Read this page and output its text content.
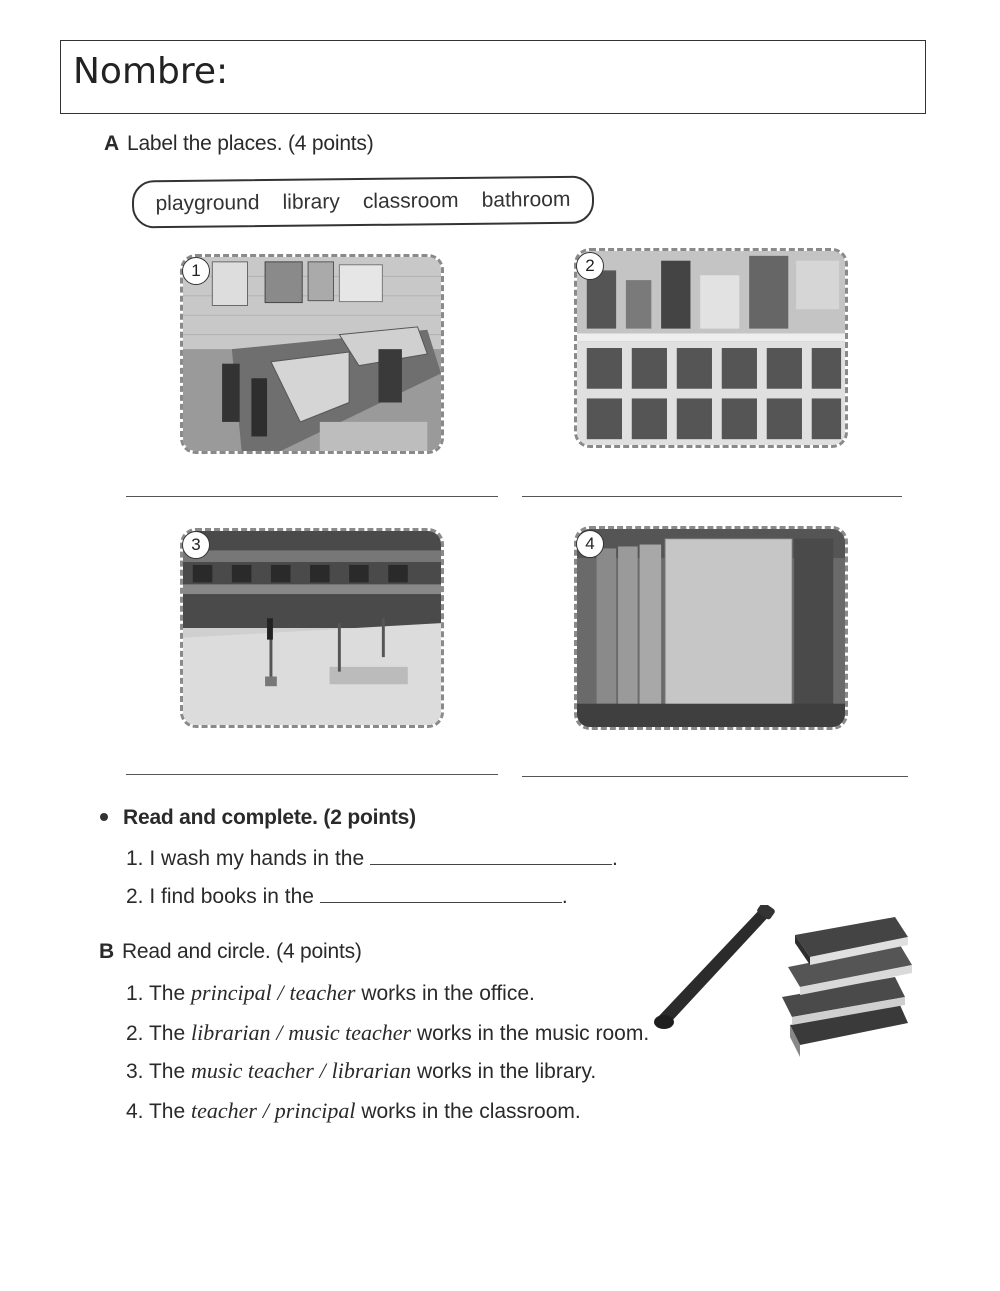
Nombre:
A Label the places. (4 points)
playground library classroom bathroom
1	2
3	4
Read and complete. (2 points)
1. I wash my hands in the	.
2. I find books in the	.
B Read and circle. (4 points)
1. The principal / teacher works in the office.
2. The librarian / music teacher works in the music room.
3. The music teacher / librarian works in the library.
4. The teacher / principal works in the classroom.
